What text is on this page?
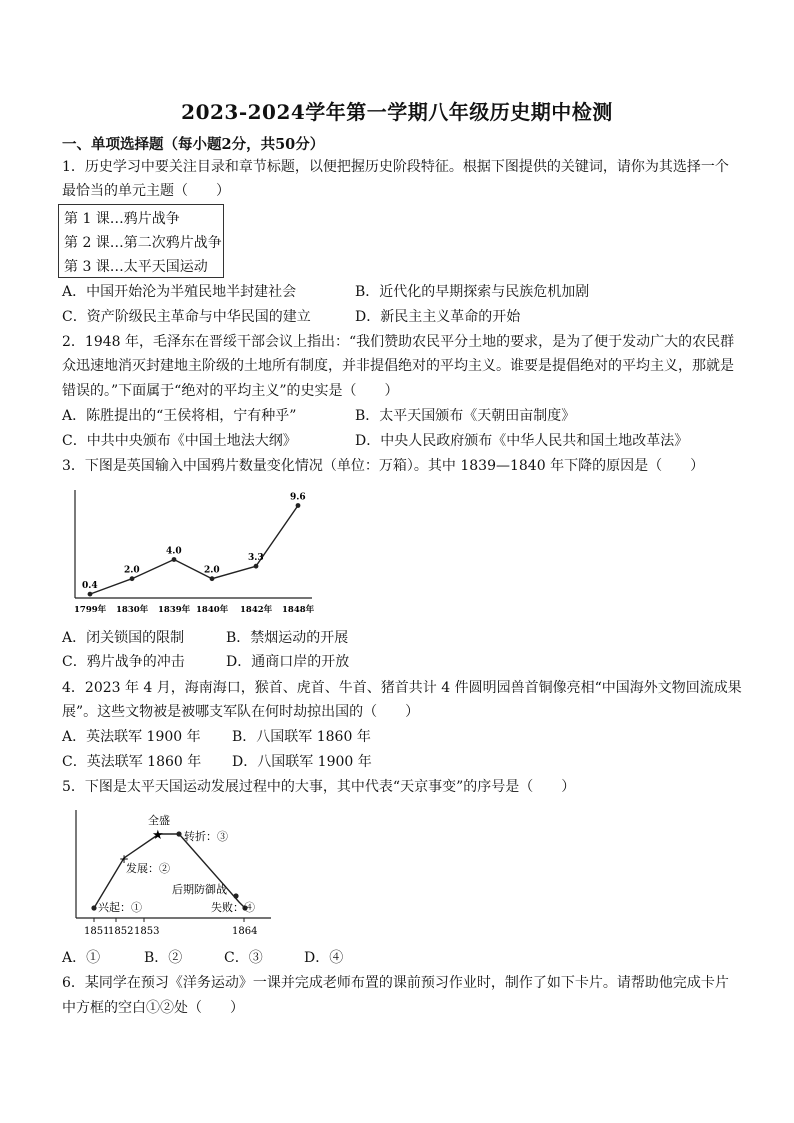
2023-2024学年第一学期八年级历史期中检测
一、单项选择题（每小题2分，共50分）
1．历史学习中要关注目录和章节标题，以便把握历史阶段特征。根据下图提供的关键词，请你为其选择一个
最恰当的单元主题（　　）
第 1 课…鸦片战争
第 2 课…第二次鸦片战争
第 3 课…太平天国运动
A．中国开始沦为半殖民地半封建社会	B．近代化的早期探索与民族危机加剧
C．资产阶级民主革命与中华民国的建立	D．新民主主义革命的开始
2．1948 年，毛泽东在晋绥干部会议上指出：“我们赞助农民平分土地的要求，是为了便于发动广大的农民群
众迅速地消灭封建地主阶级的土地所有制度，并非提倡绝对的平均主义。谁要是提倡绝对的平均主义，那就是
错误的。”下面属于“绝对的平均主义”的史实是（　　）
A．陈胜提出的“王侯将相，宁有种乎”	B．太平天国颁布《天朝田亩制度》
C．中共中央颁布《中国土地法大纲》	D．中央人民政府颁布《中华人民共和国土地改革法》
3．下图是英国输入中国鸦片数量变化情况（单位：万箱）。其中 1839—1840 年下降的原因是（　　）
0.4
1799年
2.0
1830年
4.0
1839年
2.0
1840年
3.3
1842年
9.6
1848年
A．闭关锁国的限制	B．禁烟运动的开展
C．鸦片战争的冲击	D．通商口岸的开放
4．2023 年 4 月，海南海口，猴首、虎首、牛首、猪首共计 4 件圆明园兽首铜像亮相“中国海外文物回流成果
展”。这些文物被是被哪支军队在何时劫掠出国的（　　）
A．英法联军 1900 年 B．八国联军 1860 年
C．英法联军 1860 年 D．八国联军 1900 年
5．下图是太平天国运动发展过程中的大事，其中代表“天京事变”的序号是（　　）
+
★
全盛
转折：③
发展：②
后期防御战
兴起：①	失败：④
1851
1852 1853	1864
A．①	B．②	C．③	D．④
6．某同学在预习《洋务运动》一课并完成老师布置的课前预习作业时，制作了如下卡片。请帮助他完成卡片
中方框的空白①②处（　　）
